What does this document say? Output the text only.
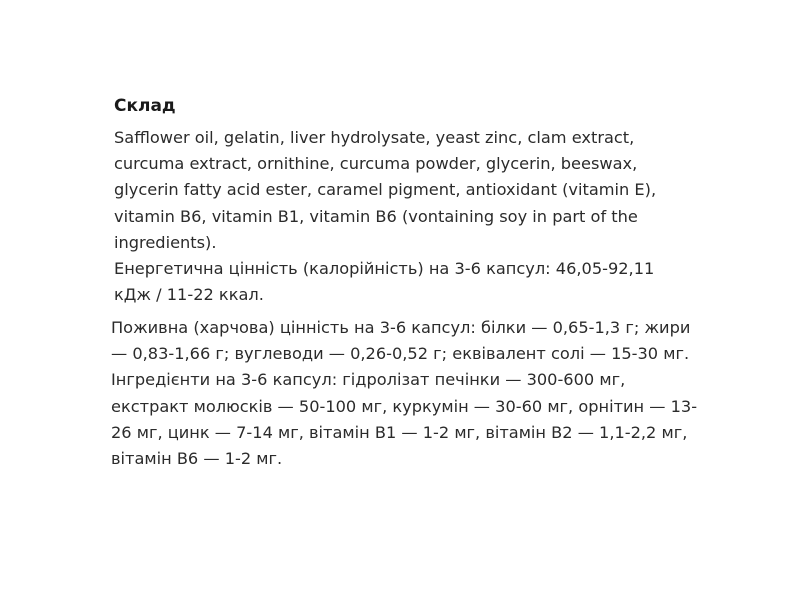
Склад

Safflower oil, gelatin, liver hydrolysate, yeast zinc, clam extract, curcuma extract, ornithine, curcuma powder, glycerin, beeswax, glycerin fatty acid ester, caramel pigment, antioxidant (vitamin E), vitamin B6, vitamin B1, vitamin B6 (vontaining soy in part of the ingredients).

Енергетична цінність (калорійність) на 3-6 капсул: 46,05-92,11 кДж / 11-22 ккал.

Поживна (харчова) цінність на 3-6 капсул: білки — 0,65-1,3 г; жири — 0,83-1,66 г; вуглеводи — 0,26-0,52 г; еквівалент солі — 15-30 мг.

Інгредієнти на 3-6 капсул: гідролізат печінки — 300-600 мг, екстракт молюсків — 50-100 мг, куркумін — 30-60 мг, орнітин — 13-26 мг, цинк — 7-14 мг, вітамін B1 — 1-2 мг, вітамін B2 — 1,1-2,2 мг, вітамін B6 — 1-2 мг.
